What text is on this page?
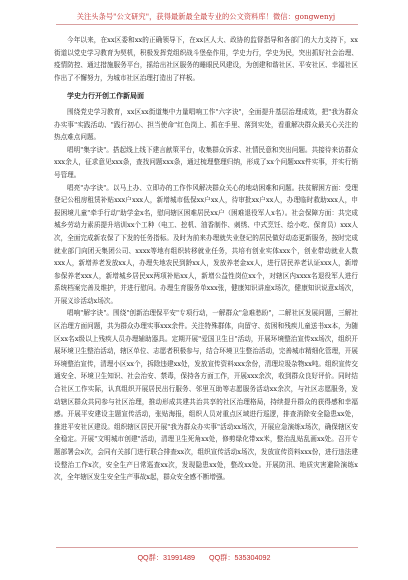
关注头条号"公文研究"，获得最新最全最专业的公文资料库！微信：gongwenyj

今年以来，在xx区委和xx的正确领导下，在xx区人大、政协的监督指导和各部门的大力支持下，xx街道以党史学习教育为契机，积极发挥党组织战斗堡垒作用，学史力行，学史为民，突出抓好社会治理、疫情防控、通过措施服务平台，摇给出社区服务的睡眼民风建设，为创建和谐社区、平安社区、幸福社区作出了不懈努力，为城市社区治理打造出了样板。

学史力行开创工作新局面

围绕党史学习教育，xx区xx街道集中力量唱响工作"六字诀"，全面提升基层治理成效，把"我为群众办实事"实践活动、"践行初心、担当使命"红色岗上、抓在手里、落到实处，看重解决群众最关心关注的热点难点问题。

唱明"集字诀"。搭起线上线下建言献策平台，收集群众诉求、社情民意和突出问题。共接待来访群众xxx余人，征求意见xxx条，查找问题xxx条，通过梳理整理归纳，形成了xx个问题xxx件实事，并实行销号管理。

唱亮"办字诀"。以马上办、立即办的工作作风解决群众关心的地动困难和问题。扶贫解困方面：受理登记公租房租赁补贴xxx户xxx人，新增城市低保xx户xx人，待审批xx户xx人，办理临时救助xxx人，申报困境儿童"牵手行动"助学金x名，慰问辖区困难居民xx户（困难退役军人x名）。社会保障方面：共完成城乡劳动力素质提升培训xx个工种（电工、挖机、油香制作、刺绣、中式烹饪、绘小吃、保育员）xxx人次，全面完成新农保了下发的任务指标。及时为前来办理就失业登记的居民做好动态更新服务，按时完成就业部门向团天集团公司、xxxx等地有组织转移就业任务，共培有创业实体xxx个，创业带动就业人数xxx人，新增养老发放xx人，办理失地农民到龄xx人，发放养老金xx人，进行居民养老认证xxx人，新增参保养老xxx人，新增城乡居民xx两项补贴xx人，新增公益性岗位xx个，对辖区内xxxx名退役军人进行系统档案完善及维护，并进行慰问。办理生育服务单xxx张，健康知识讲座x场次，健康知识说意x场次，开展义诊活动x场次。

唱响"解字诀"。围绕"创新治理保平安"专项行动，一解群众"急难愁盼"，二解社区发展问题，三解社区治理方面问题，共为群众办理实事xxx余件。关注特殊群体，向留守、贫困和残疾儿童送书xx本，为随区xx名x级以上残疾人员办理辅助器具。定期开展"爱国卫生日"活动，开展环境整治宣传xx场次，组织开展环境卫生整治活动，辖区单位、志愿者积极参与，结合环境卫生整治活动，完善城市精细化管理，开展环境整治宣传，清理小区xx个，拆除违建xx处，发放宣传资料xxx余份，清理垃圾杂物xx吨。组织宣传交通安全、环境卫生知识、社会治安、禁毒，保持各方面工作，开展xxx余次，收到群众良好评价。同时结合社区工作实际，认真组织开展居民出行服务、邻里互助等志愿服务活动xx余次，与社区志愿服务，发动辖区群众共同参与社区治理，推动形成共建共治共享的社区治理格局，持续提升群众的获得感和幸福感。开展平安建设主题宣传活动，张贴海报，组织人员对重点区域进行巡逻，排查消除安全隐患xx处，推进平安社区建设。组织辖区居民开展"我为群众办实事"活动xx场次，开展应急演练x场次，确保辖区安全稳定。开展"文明城市创建"活动，清理卫生死角xx处，修剪绿化带xx米，整治乱贴乱画xx处。召开专题部署会x次，会同有关部门进行联合排查xx次，组织宣传活动x场次，发放宣传资料xxx份，进行违法建设整治工作x次，安全生产日常巡查xx次，发现隐患xx处，整改xx处。开展防汛、地质灾害避险演练x次，全年辖区发生安全生产事故x起，群众安全感不断增强。

QQ群：31991489 QQ群：535304092
